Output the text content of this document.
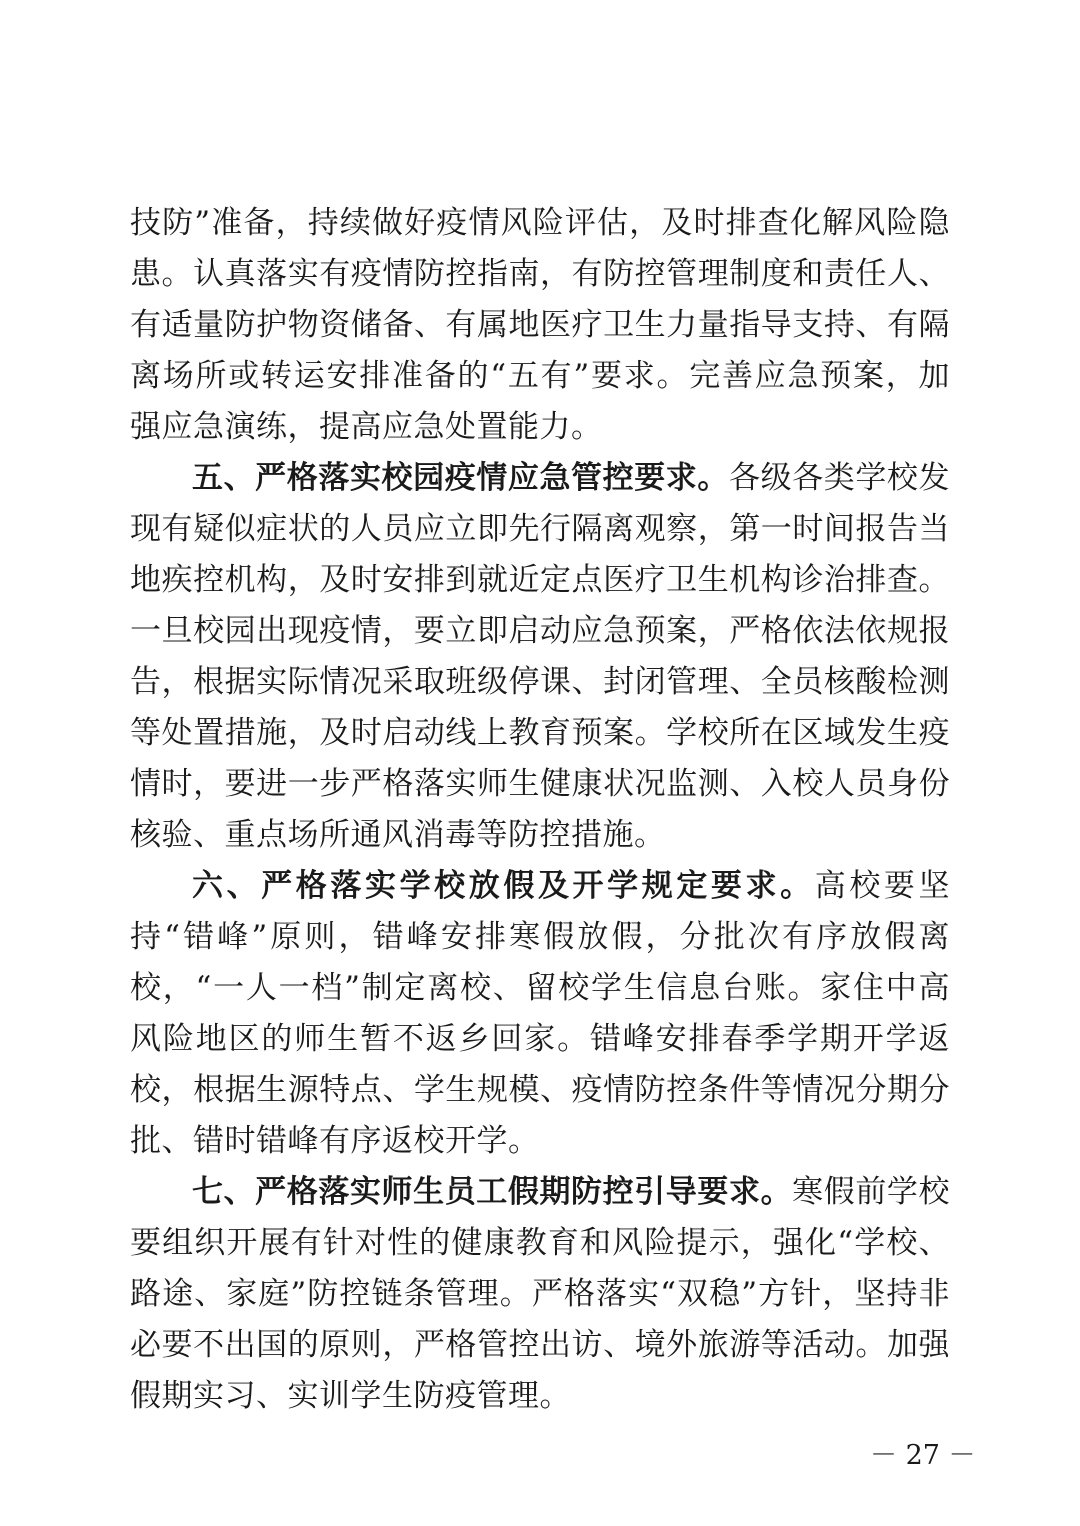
技防”准备，持续做好疫情风险评估，及时排查化解风险隐患。认真落实有疫情防控指南，有防控管理制度和责任人、有适量防护物资储备、有属地医疗卫生力量指导支持、有隔离场所或转运安排准备的“五有”要求。完善应急预案，加强应急演练，提高应急处置能力。

五、严格落实校园疫情应急管控要求。各级各类学校发现有疑似症状的人员应立即先行隔离观察，第一时间报告当地疾控机构，及时安排到就近定点医疗卫生机构诊治排查。一旦校园出现疫情，要立即启动应急预案，严格依法依规报告，根据实际情况采取班级停课、封闭管理、全员核酸检测等处置措施，及时启动线上教育预案。学校所在区域发生疫情时，要进一步严格落实师生健康状况监测、入校人员身份核验、重点场所通风消毒等防控措施。

六、严格落实学校放假及开学规定要求。高校要坚持“错峰”原则，错峰安排寒假放假，分批次有序放假离校，“一人一档”制定离校、留校学生信息台账。家住中高风险地区的师生暂不返乡回家。错峰安排春季学期开学返校，根据生源特点、学生规模、疫情防控条件等情况分期分批、错时错峰有序返校开学。

七、严格落实师生员工假期防控引导要求。寒假前学校要组织开展有针对性的健康教育和风险提示，强化“学校、路途、家庭”防控链条管理。严格落实“双稳”方针，坚持非必要不出国的原则，严格管控出访、境外旅游等活动。加强假期实习、实训学生防疫管理。

－ 27 －
